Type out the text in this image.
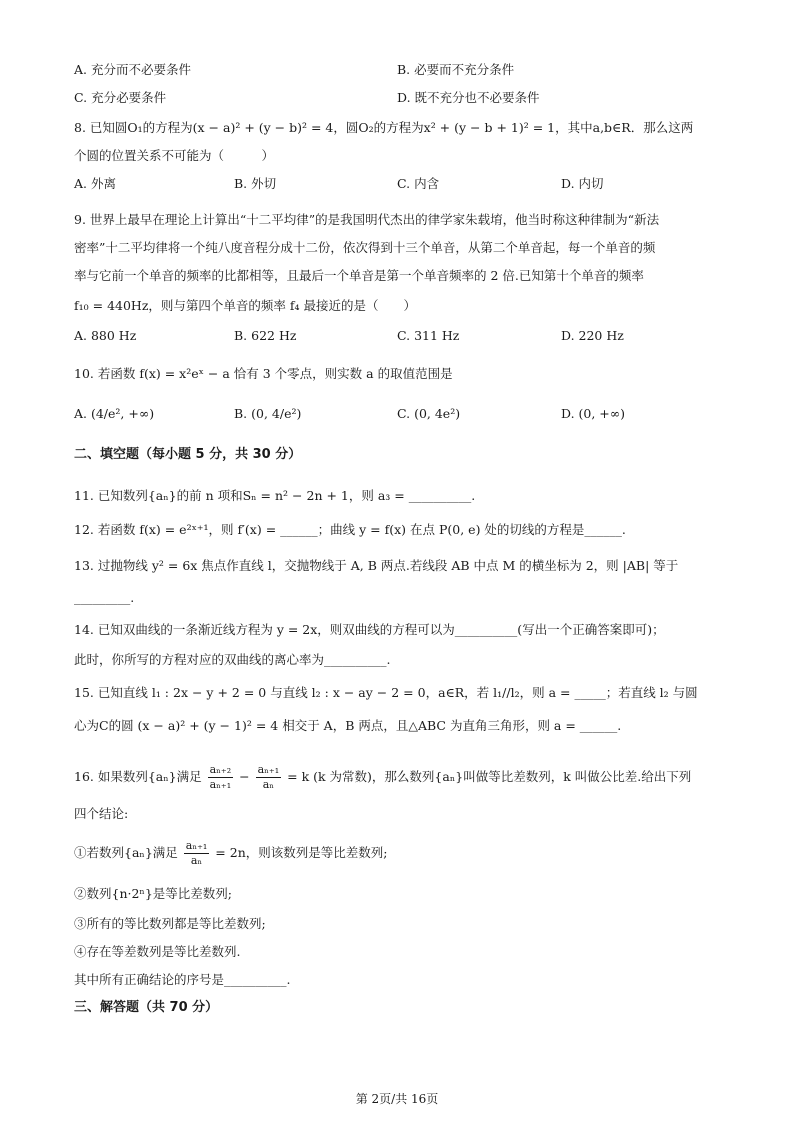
A. 充分而不必要条件	B. 必要而不充分条件
C. 充分必要条件	D. 既不充分也不必要条件
8. 已知圆O₁的方程为(x − a)² + (y − b)² = 4，圆O₂的方程为x² + (y − b + 1)² = 1，其中a,b∈R．那么这两
个圆的位置关系不可能为（　　　）
A. 外离	B. 外切	C. 内含	D. 内切
9. 世界上最早在理论上计算出“十二平均律”的是我国明代杰出的律学家朱载堉，他当时称这种律制为“新法
密率”十二平均律将一个纯八度音程分成十二份，依次得到十三个单音，从第二个单音起，每一个单音的频
率与它前一个单音的频率的比都相等，且最后一个单音是第一个单音频率的 2 倍.已知第十个单音的频率
f₁₀ = 440Hz，则与第四个单音的频率 f₄ 最接近的是（　　）
A. 880 Hz	B. 622 Hz	C. 311 Hz	D. 220 Hz
10. 若函数 f(x) = x²eˣ − a 恰有 3 个零点，则实数 a 的取值范围是
A. (4/e², +∞)	B. (0, 4/e²)	C. (0, 4e²)	D. (0, +∞)
二、填空题（每小题 5 分，共 30 分）
11. 已知数列{aₙ}的前 n 项和Sₙ = n² − 2n + 1，则 a₃ = __________.
12. 若函数 f(x) = e²ˣ⁺¹，则 f′(x) = ______；曲线 y = f(x) 在点 P(0, e) 处的切线的方程是______.
13. 过抛物线 y² = 6x 焦点作直线 l，交抛物线于 A, B 两点.若线段 AB 中点 M 的横坐标为 2，则 |AB| 等于
_________.
14. 已知双曲线的一条渐近线方程为 y = 2x，则双曲线的方程可以为__________(写出一个正确答案即可)；
此时，你所写的方程对应的双曲线的离心率为__________.
15. 已知直线 l₁ : 2x − y + 2 = 0 与直线 l₂ : x − ay − 2 = 0，a∈R，若 l₁//l₂，则 a = _____；若直线 l₂ 与圆
心为C的圆 (x − a)² + (y − 1)² = 4 相交于 A，B 两点，且△ABC 为直角三角形，则 a = ______.
16. 如果数列{aₙ}满足 $\frac{\text{aₙ₊₂}}{\text{aₙ₊₁}} - \frac{\text{aₙ₊₁}}{\text{aₙ}} = k$ (k 为常数)，那么数列{aₙ}叫做等比差数列，k 叫做公比差.给出下列
四个结论:
①若数列{aₙ}满足 $\frac{\text{aₙ₊₁}}{\text{aₙ}} = 2n$，则该数列是等比差数列;
②数列{n·2ⁿ}是等比差数列;
③所有的等比数列都是等比差数列;
④存在等差数列是等比差数列.
其中所有正确结论的序号是__________.
三、解答题（共 70 分）
第 2页/共 16页
